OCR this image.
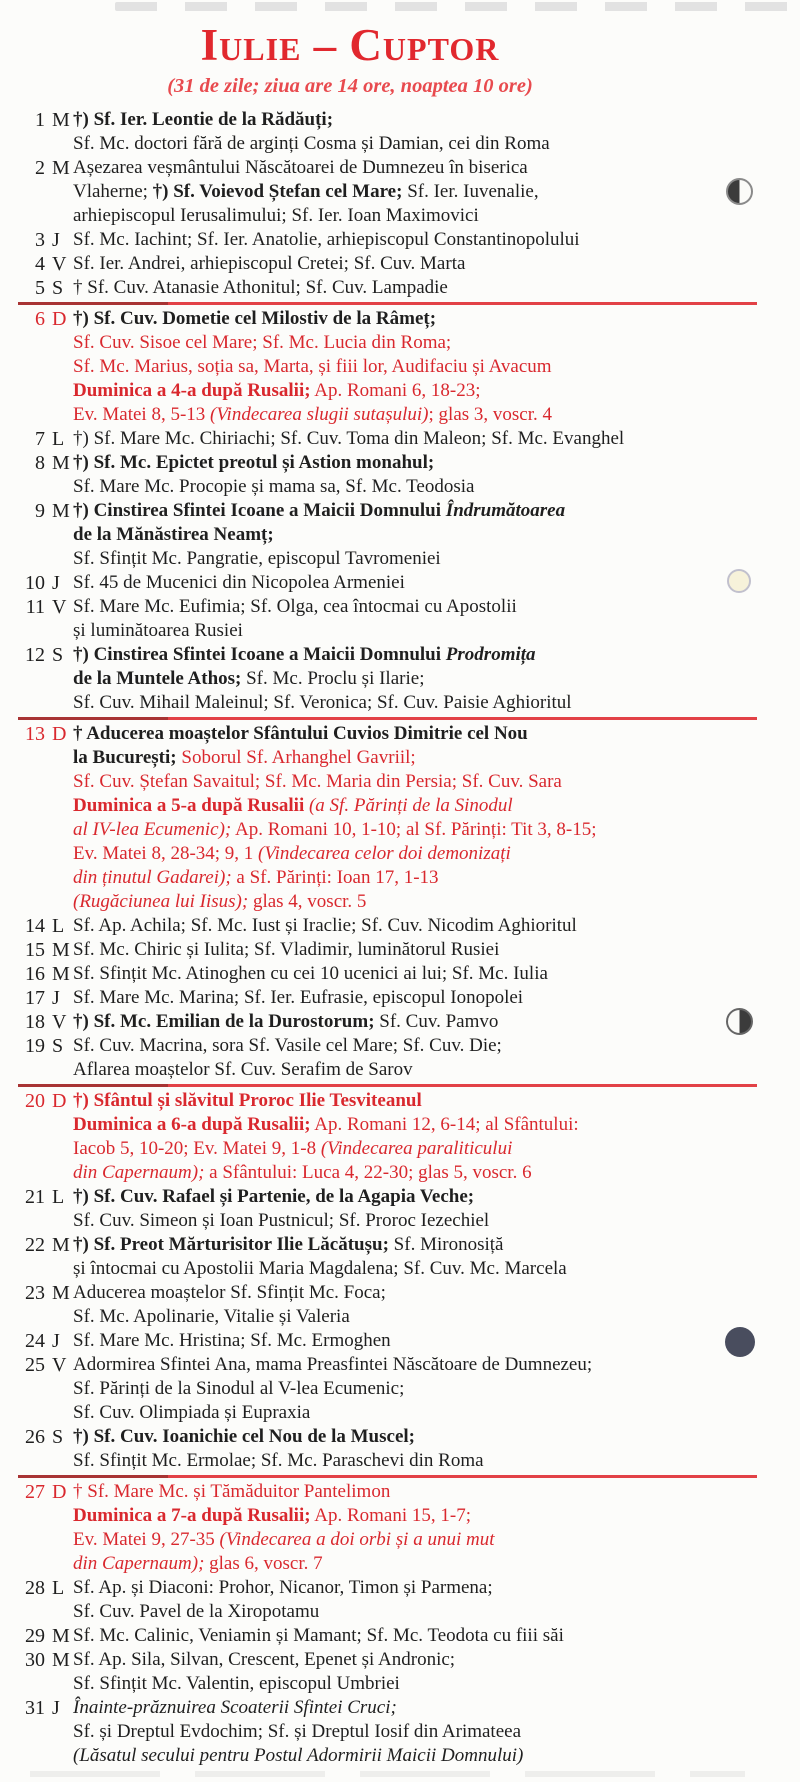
Iulie – Cuptor

(31 de zile; ziua are 14 ore, noaptea 10 ore)

1 M †) Sf. Ier. Leontie de la Rădăuți;
Sf. Mc. doctori fără de arginți Cosma și Damian, cei din Roma
2 M Așezarea veșmântului Născătoarei de Dumnezeu în biserica
Vlaherne; †) Sf. Voievod Ștefan cel Mare; Sf. Ier. Iuvenalie,
arhiepiscopul Ierusalimului; Sf. Ier. Ioan Maximovici
3 J Sf. Mc. Iachint; Sf. Ier. Anatolie, arhiepiscopul Constantinopolului
4 V Sf. Ier. Andrei, arhiepiscopul Cretei; Sf. Cuv. Marta
5 S † Sf. Cuv. Atanasie Athonitul; Sf. Cuv. Lampadie
6 D †) Sf. Cuv. Dometie cel Milostiv de la Râmeț;
Sf. Cuv. Sisoe cel Mare; Sf. Mc. Lucia din Roma;
Sf. Mc. Marius, soția sa, Marta, și fiii lor, Audifaciu și Avacum
Duminica a 4-a după Rusalii; Ap. Romani 6, 18-23;
Ev. Matei 8, 5-13 (Vindecarea slugii sutașului); glas 3, voscr. 4
7 L †) Sf. Mare Mc. Chiriachi; Sf. Cuv. Toma din Maleon; Sf. Mc. Evanghel
8 M †) Sf. Mc. Epictet preotul și Astion monahul;
Sf. Mare Mc. Procopie și mama sa, Sf. Mc. Teodosia
9 M †) Cinstirea Sfintei Icoane a Maicii Domnului Îndrumătoarea
de la Mănăstirea Neamț;
Sf. Sfințit Mc. Pangratie, episcopul Tavromeniei
10 J Sf. 45 de Mucenici din Nicopolea Armeniei
11 V Sf. Mare Mc. Eufimia; Sf. Olga, cea întocmai cu Apostolii
și luminătoarea Rusiei
12 S †) Cinstirea Sfintei Icoane a Maicii Domnului Prodromița
de la Muntele Athos; Sf. Mc. Proclu și Ilarie;
Sf. Cuv. Mihail Maleinul; Sf. Veronica; Sf. Cuv. Paisie Aghioritul
13 D † Aducerea moaștelor Sfântului Cuvios Dimitrie cel Nou
la București; Soborul Sf. Arhanghel Gavriil;
Sf. Cuv. Ștefan Savaitul; Sf. Mc. Maria din Persia; Sf. Cuv. Sara
Duminica a 5-a după Rusalii (a Sf. Părinți de la Sinodul
al IV-lea Ecumenic); Ap. Romani 10, 1-10; al Sf. Părinți: Tit 3, 8-15;
Ev. Matei 8, 28-34; 9, 1 (Vindecarea celor doi demonizați
din ținutul Gadarei); a Sf. Părinți: Ioan 17, 1-13
(Rugăciunea lui Iisus); glas 4, voscr. 5
14 L Sf. Ap. Achila; Sf. Mc. Iust și Iraclie; Sf. Cuv. Nicodim Aghioritul
15 M Sf. Mc. Chiric și Iulita; Sf. Vladimir, luminătorul Rusiei
16 M Sf. Sfințit Mc. Atinoghen cu cei 10 ucenici ai lui; Sf. Mc. Iulia
17 J Sf. Mare Mc. Marina; Sf. Ier. Eufrasie, episcopul Ionopolei
18 V †) Sf. Mc. Emilian de la Durostorum; Sf. Cuv. Pamvo
19 S Sf. Cuv. Macrina, sora Sf. Vasile cel Mare; Sf. Cuv. Die;
Aflarea moaștelor Sf. Cuv. Serafim de Sarov
20 D †) Sfântul și slăvitul Proroc Ilie Tesviteanul
Duminica a 6-a după Rusalii; Ap. Romani 12, 6-14; al Sfântului:
Iacob 5, 10-20; Ev. Matei 9, 1-8 (Vindecarea paraliticului
din Capernaum); a Sfântului: Luca 4, 22-30; glas 5, voscr. 6
21 L †) Sf. Cuv. Rafael și Partenie, de la Agapia Veche;
Sf. Cuv. Simeon și Ioan Pustnicul; Sf. Proroc Iezechiel
22 M †) Sf. Preot Mărturisitor Ilie Lăcătușu; Sf. Mironosiță
și întocmai cu Apostolii Maria Magdalena; Sf. Cuv. Mc. Marcela
23 M Aducerea moaștelor Sf. Sfințit Mc. Foca;
Sf. Mc. Apolinarie, Vitalie și Valeria
24 J Sf. Mare Mc. Hristina; Sf. Mc. Ermoghen
25 V Adormirea Sfintei Ana, mama Preasfintei Născătoare de Dumnezeu;
Sf. Părinți de la Sinodul al V-lea Ecumenic;
Sf. Cuv. Olimpiada și Eupraxia
26 S †) Sf. Cuv. Ioanichie cel Nou de la Muscel;
Sf. Sfințit Mc. Ermolae; Sf. Mc. Paraschevi din Roma
27 D † Sf. Mare Mc. și Tămăduitor Pantelimon
Duminica a 7-a după Rusalii; Ap. Romani 15, 1-7;
Ev. Matei 9, 27-35 (Vindecarea a doi orbi și a unui mut
din Capernaum); glas 6, voscr. 7
28 L Sf. Ap. și Diaconi: Prohor, Nicanor, Timon și Parmena;
Sf. Cuv. Pavel de la Xiropotamu
29 M Sf. Mc. Calinic, Veniamin și Mamant; Sf. Mc. Teodota cu fiii săi
30 M Sf. Ap. Sila, Silvan, Crescent, Epenet și Andronic;
Sf. Sfințit Mc. Valentin, episcopul Umbriei
31 J Înainte-prăznuirea Scoaterii Sfintei Cruci;
Sf. și Dreptul Evdochim; Sf. și Dreptul Iosif din Arimateea
(Lăsatul secului pentru Postul Adormirii Maicii Domnului)
